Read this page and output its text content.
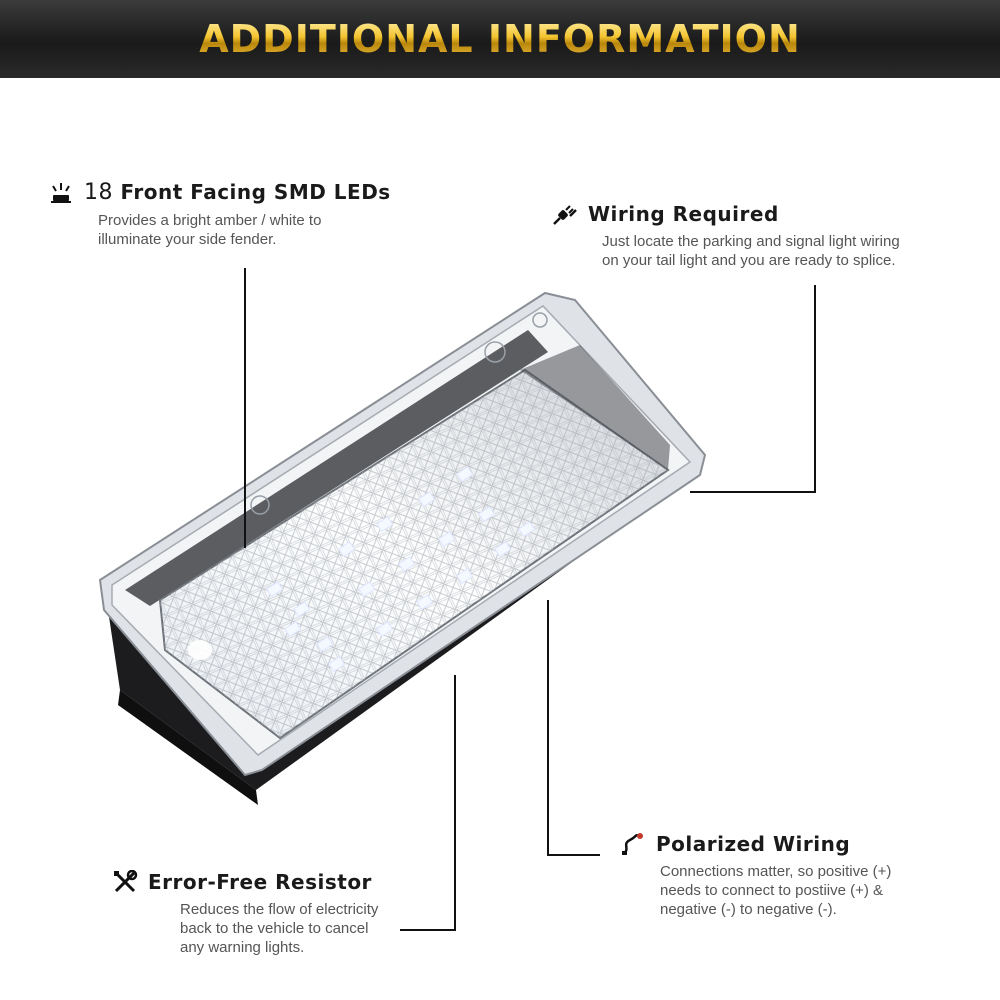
ADDITIONAL INFORMATION
18 Front Facing SMD LEDs
Provides a bright amber / white to
illuminate your side fender.
Wiring Required
Just locate the parking and signal light wiring
on your tail light and you are ready to splice.
Error-Free Resistor
Reduces the flow of electricity
back to the vehicle to cancel
any warning lights.
Polarized Wiring
Connections matter, so positive (+)
needs to connect to postiive (+) &
negative (-) to negative (-).
